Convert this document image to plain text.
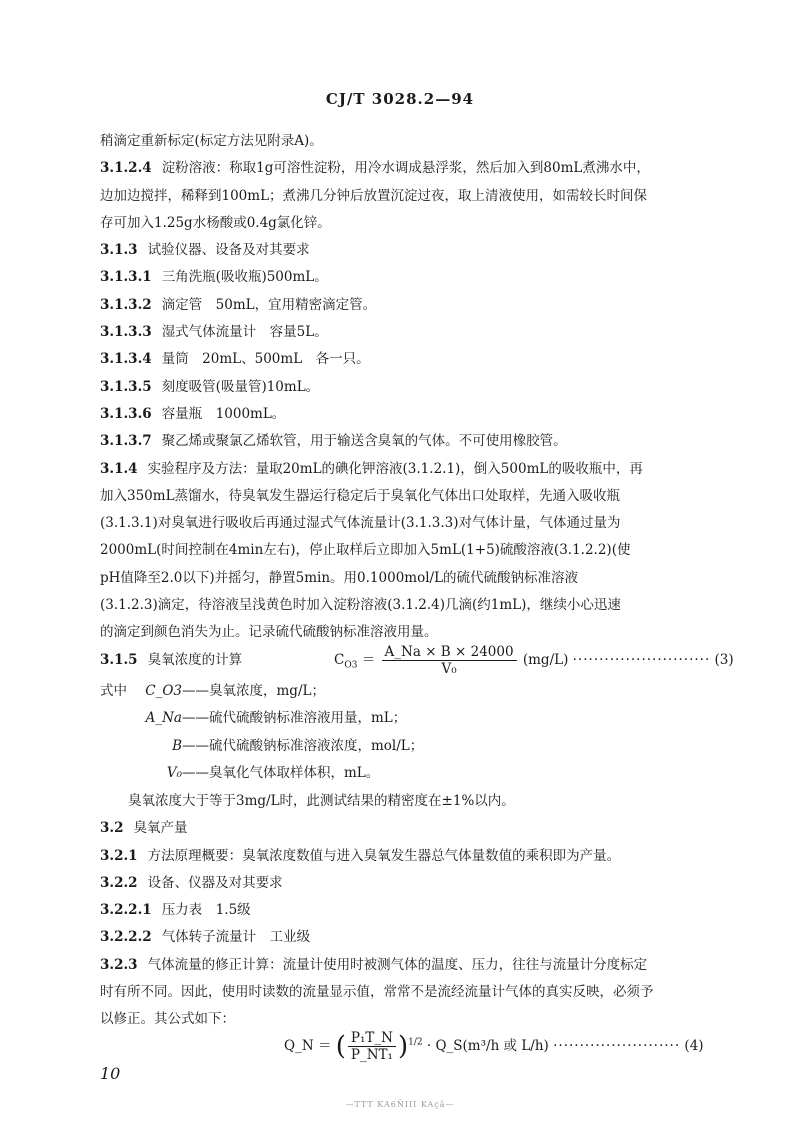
CJ/T 3028.2—94
稍滴定重新标定(标定方法见附录A)。
3.1.2.4 淀粉溶液：称取1g可溶性淀粉，用冷水调成悬浮浆，然后加入到80mL煮沸水中，
边加边搅拌，稀释到100mL；煮沸几分钟后放置沉淀过夜，取上清液使用，如需较长时间保
存可加入1.25g水杨酸或0.4g氯化锌。
3.1.3 试验仪器、设备及对其要求
3.1.3.1 三角洗瓶(吸收瓶)500mL。
3.1.3.2 滴定管　50mL，宜用精密滴定管。
3.1.3.3 湿式气体流量计　容量5L。
3.1.3.4 量筒　20mL、500mL　各一只。
3.1.3.5 刻度吸管(吸量管)10mL。
3.1.3.6 容量瓶　1000mL。
3.1.3.7 聚乙烯或聚氯乙烯软管，用于输送含臭氧的气体。不可使用橡胶管。
3.1.4 实验程序及方法：量取20mL的碘化钾溶液(3.1.2.1)，倒入500mL的吸收瓶中，再
加入350mL蒸馏水，待臭氧发生器运行稳定后于臭氧化气体出口处取样，先通入吸收瓶
(3.1.3.1)对臭氧进行吸收后再通过湿式气体流量计(3.1.3.3)对气体计量，气体通过量为
2000mL(时间控制在4min左右)，停止取样后立即加入5mL(1+5)硫酸溶液(3.1.2.2)(使
pH值降至2.0以下)并摇匀，静置5min。用0.1000mol/L的硫代硫酸钠标准溶液
(3.1.2.3)滴定，待溶液呈浅黄色时加入淀粉溶液(3.1.2.4)几滴(约1mL)，继续小心迅速
的滴定到颜色消失为止。记录硫代硫酸钠标准溶液用量。
3.1.5 臭氧浓度的计算	$C_{O3} = \frac{A\_Na \times B \times 24000}{\text{V₀}} (mg/L)$ ·························· (3)
式中 C_O3——臭氧浓度，mg/L；
A_Na——硫代硫酸钠标准溶液用量，mL；
B——硫代硫酸钠标准溶液浓度，mol/L；
V₀——臭氧化气体取样体积，mL。
臭氧浓度大于等于3mg/L时，此测试结果的精密度在±1%以内。
3.2 臭氧产量
3.2.1 方法原理概要：臭氧浓度数值与进入臭氧发生器总气体量数值的乘积即为产量。
3.2.2 设备、仪器及对其要求
3.2.2.1 压力表　1.5级
3.2.2.2 气体转子流量计　工业级
3.2.3 气体流量的修正计算：流量计使用时被测气体的温度、压力，往往与流量计分度标定
时有所不同。因此，使用时读数的流量显示值，常常不是流经流量计气体的真实反映，必须予
以修正。其公式如下：
Q_N ＝ ( $\frac{\text{P₁T\_N}}{\text{P\_NT₁}} )^{1/2}$ · Q_S(m³/h 或 L/h) ························ (4)
10
—TTT KA6ŇIII KAçä—
